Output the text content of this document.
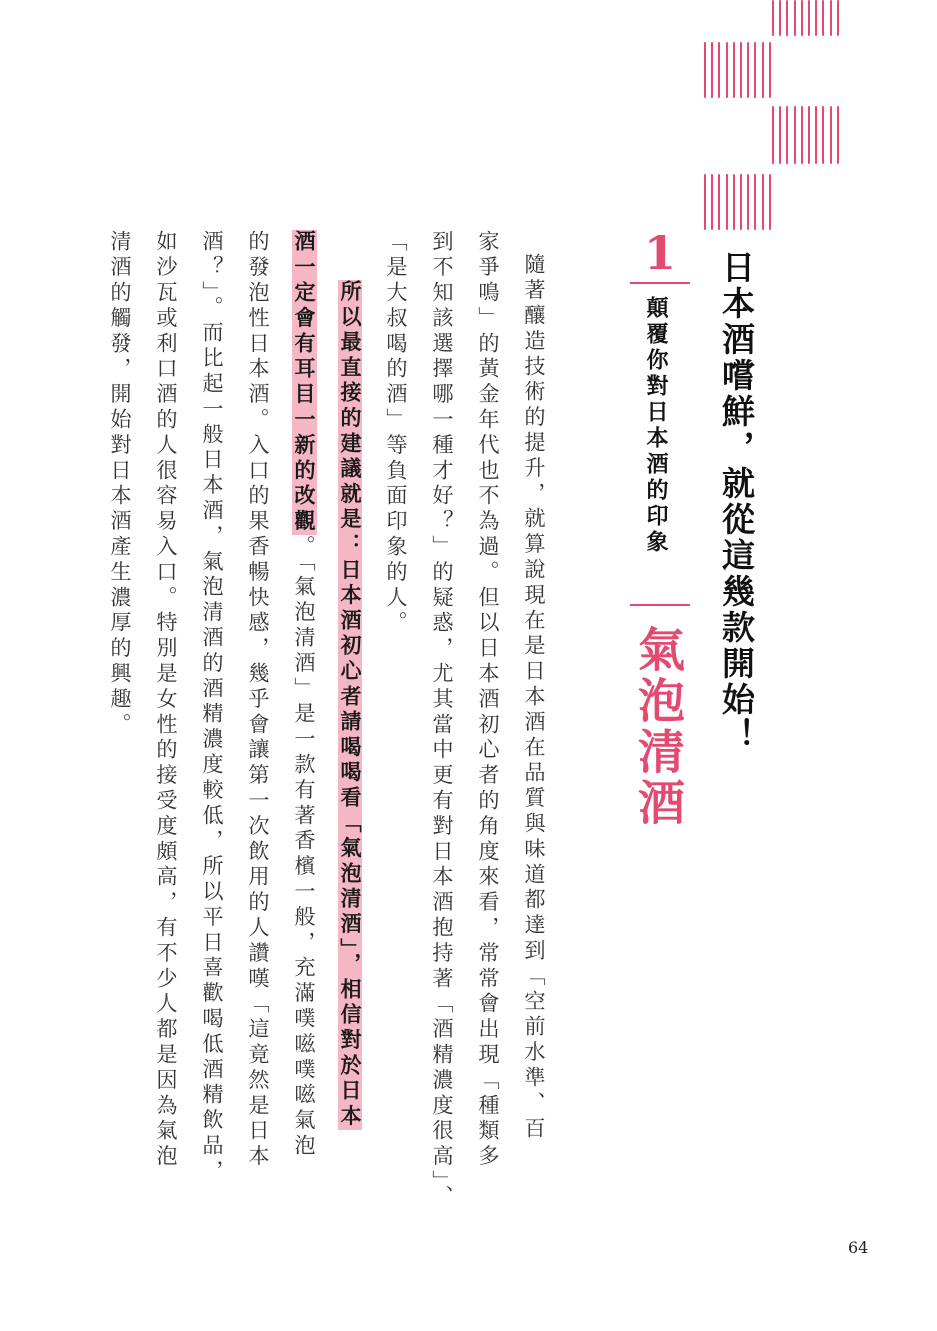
日本酒嚐鮮，就從這幾款開始！
1
顛覆你對日本酒的印象
氣泡清酒
隨著釀造技術的提升，就算說現在是日本酒在品質與味道都達到「空前水準、百
家爭鳴」的黃金年代也不為過。但以日本酒初心者的角度來看，常常會出現「種類多
到不知該選擇哪一種才好？」的疑惑，尤其當中更有對日本酒抱持著「酒精濃度很高」、
「是大叔喝的酒」等負面印象的人。
所以最直接的建議就是：日本酒初心者請喝喝看「氣泡清酒」，相信對於日本
酒一定會有耳目一新的改觀。「氣泡清酒」是一款有著香檳一般，充滿噗嗞噗嗞氣泡
的發泡性日本酒。入口的果香暢快感，幾乎會讓第一次飲用的人讚嘆「這竟然是日本
酒？」。而比起一般日本酒，氣泡清酒的酒精濃度較低，所以平日喜歡喝低酒精飲品，
如沙瓦或利口酒的人很容易入口。特別是女性的接受度頗高，有不少人都是因為氣泡
清酒的觸發，開始對日本酒產生濃厚的興趣。
64
